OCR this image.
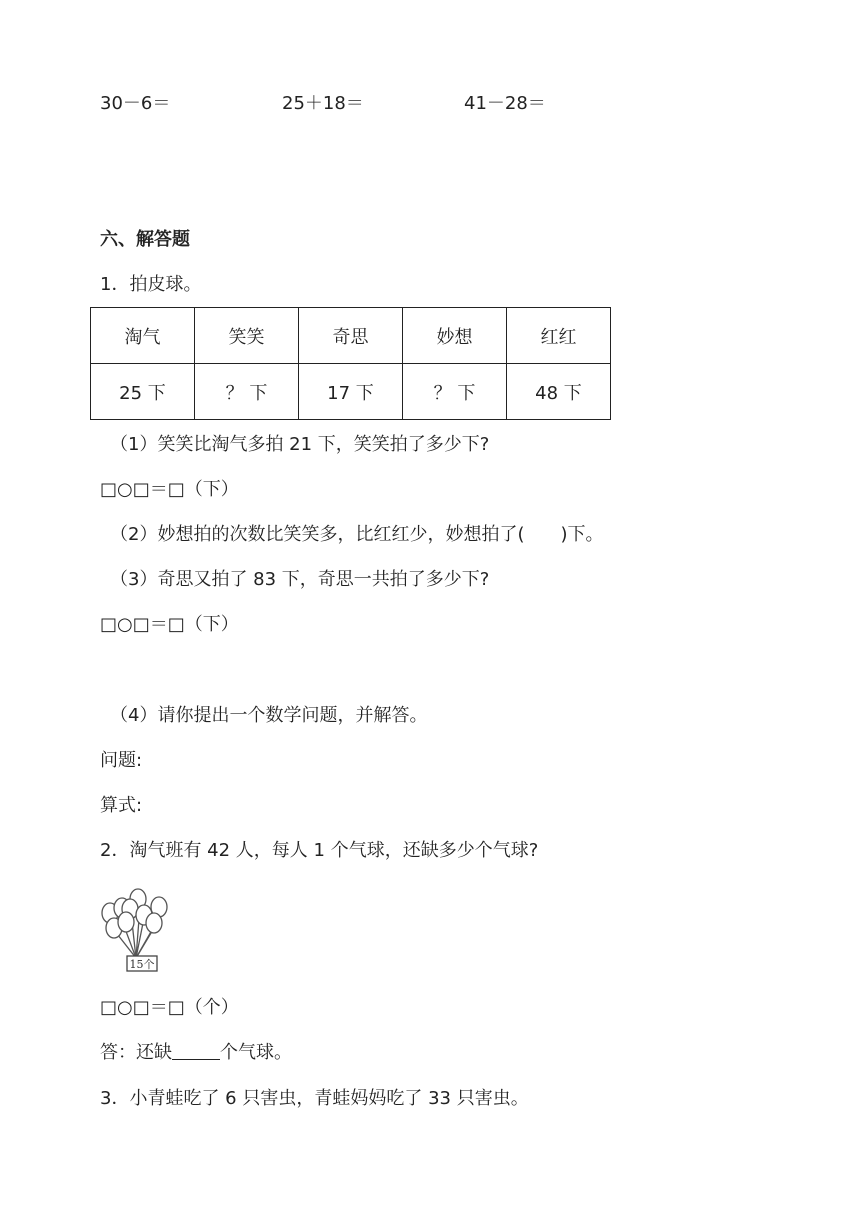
30－6＝	25＋18＝	41－28＝
六、解答题
1．拍皮球。
淘气	笑笑	奇思	妙想	红红
25 下	？ 下	17 下	？ 下	48 下
（1）笑笑比淘气多拍 21 下，笑笑拍了多少下?
□○□＝□（下）
（2）妙想拍的次数比笑笑多，比红红少，妙想拍了( )下。
（3）奇思又拍了 83 下，奇思一共拍了多少下?
□○□＝□（下）
（4）请你提出一个数学问题，并解答。
问题:
算式:
2．淘气班有 42 人，每人 1 个气球，还缺多少个气球?
15个
□○□＝□（个）
答：还缺	个气球。
3．小青蛙吃了 6 只害虫，青蛙妈妈吃了 33 只害虫。
